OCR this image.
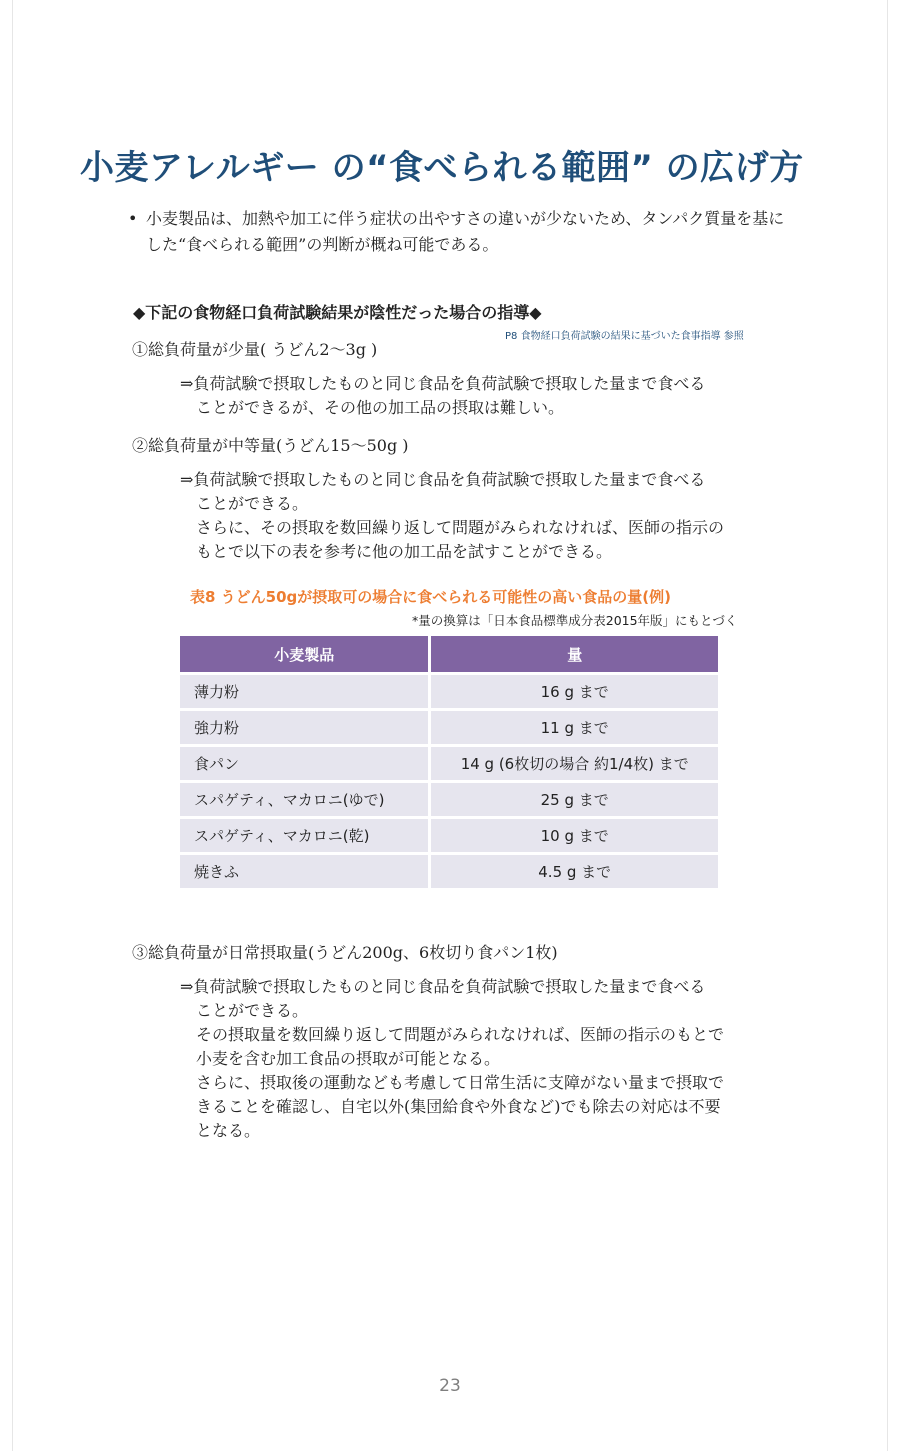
小麦アレルギー の“食べられる範囲” の広げ方
• 小麦製品は、加熱や加工に伴う症状の出やすさの違いが少ないため、タンパク質量を基にした“食べられる範囲”の判断が概ね可能である。
◆下記の食物経口負荷試験結果が陰性だった場合の指導◆
P8 食物経口負荷試験の結果に基づいた食事指導 参照
①総負荷量が少量( うどん2～3g )

⇒負荷試験で摂取したものと同じ食品を負荷試験で摂取した量まで食べる

ことができるが、その他の加工品の摂取は難しい。

②総負荷量が中等量(うどん15～50g )

⇒負荷試験で摂取したものと同じ食品を負荷試験で摂取した量まで食べる

ことができる。

さらに、その摂取を数回繰り返して問題がみられなければ、医師の指示の

もとで以下の表を参考に他の加工品を試すことができる。

表8 うどん50gが摂取可の場合に食べられる可能性の高い食品の量(例)
*量の換算は「日本食品標準成分表2015年版」にもとづく
小麦製品	量
薄力粉	16 g まで
強力粉	11 g まで
食パン	14 g (6枚切の場合 約1/4枚) まで
スパゲティ、マカロニ(ゆで)	25 g まで
スパゲティ、マカロニ(乾)	10 g まで
焼きふ	4.5 g まで
③総負荷量が日常摂取量(うどん200g、6枚切り食パン1枚)

⇒負荷試験で摂取したものと同じ食品を負荷試験で摂取した量まで食べる

ことができる。

その摂取量を数回繰り返して問題がみられなければ、医師の指示のもとで

小麦を含む加工食品の摂取が可能となる。

さらに、摂取後の運動なども考慮して日常生活に支障がない量まで摂取で

きることを確認し、自宅以外(集団給食や外食など)でも除去の対応は不要

となる。

23
